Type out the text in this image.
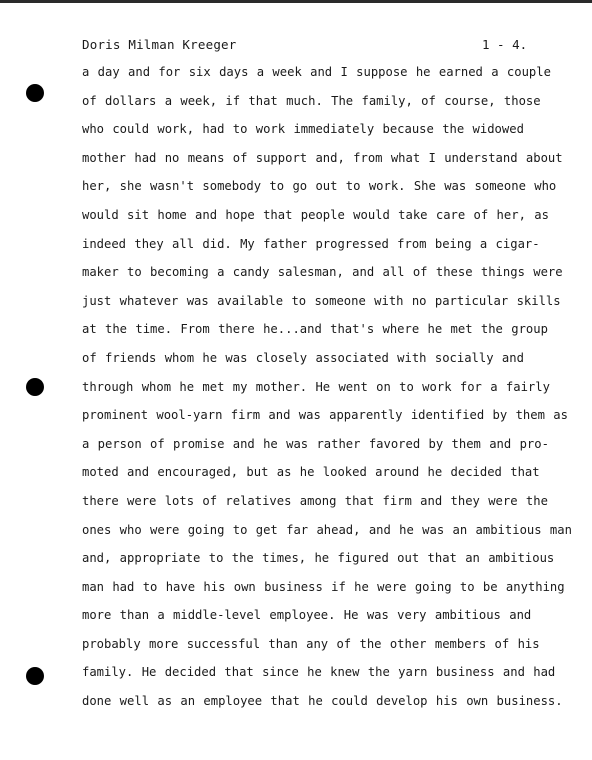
Doris Milman Kreeger	1 - 4.
a day and for six days a week and I suppose he earned a couple
of dollars a week, if that much. The family, of course, those
who could work, had to work immediately because the widowed
mother had no means of support and, from what I understand about
her, she wasn't somebody to go out to work. She was someone who
would sit home and hope that people would take care of her, as
indeed they all did. My father progressed from being a cigar-
maker to becoming a candy salesman, and all of these things were
just whatever was available to someone with no particular skills
at the time. From there he...and that's where he met the group
of friends whom he was closely associated with socially and
through whom he met my mother. He went on to work for a fairly
prominent wool-yarn firm and was apparently identified by them as
a person of promise and he was rather favored by them and pro-
moted and encouraged, but as he looked around he decided that
there were lots of relatives among that firm and they were the
ones who were going to get far ahead, and he was an ambitious man
and, appropriate to the times, he figured out that an ambitious
man had to have his own business if he were going to be anything
more than a middle-level employee. He was very ambitious and
probably more successful than any of the other members of his
family. He decided that since he knew the yarn business and had
done well as an employee that he could develop his own business.
